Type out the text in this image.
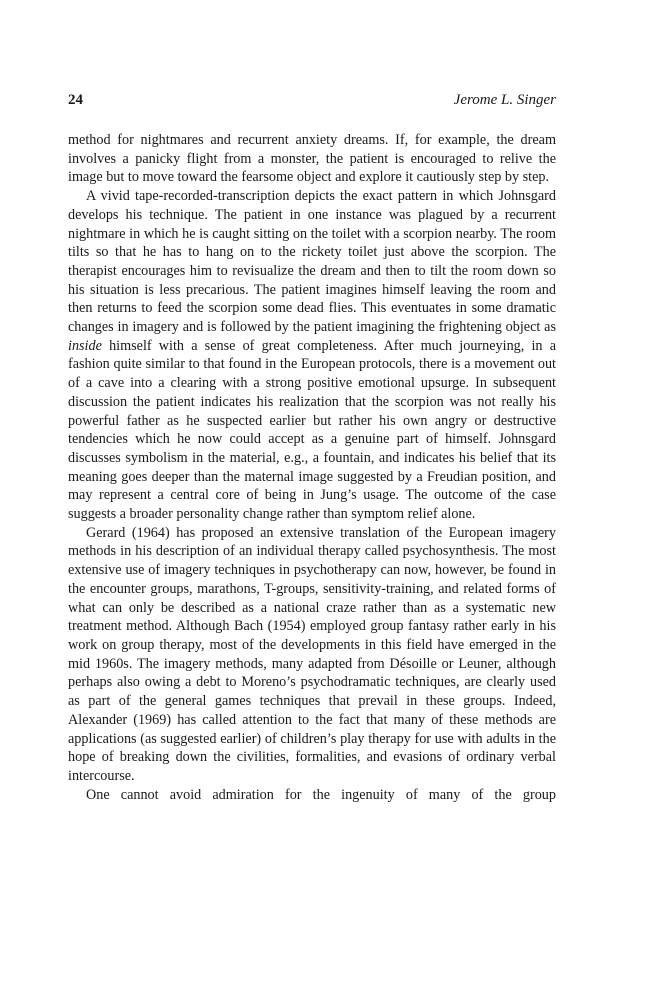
24	Jerome L. Singer

method for nightmares and recurrent anxiety dreams. If, for example, the dream involves a panicky flight from a monster, the patient is encouraged to relive the image but to move toward the fearsome object and explore it cautiously step by step.

A vivid tape-recorded-transcription depicts the exact pattern in which Johnsgard develops his technique. The patient in one instance was plagued by a recurrent nightmare in which he is caught sitting on the toilet with a scorpion nearby. The room tilts so that he has to hang on to the rickety toilet just above the scorpion. The therapist encourages him to revisualize the dream and then to tilt the room down so his situation is less precarious. The patient imagines himself leaving the room and then returns to feed the scorpion some dead flies. This eventuates in some dramatic changes in imagery and is followed by the patient imagining the frightening object as inside himself with a sense of great completeness. After much journeying, in a fashion quite similar to that found in the European protocols, there is a movement out of a cave into a clearing with a strong positive emotional upsurge. In subsequent discussion the patient indicates his realization that the scorpion was not really his powerful father as he suspected earlier but rather his own angry or destructive tendencies which he now could accept as a genuine part of himself. Johnsgard discusses symbolism in the material, e.g., a fountain, and indicates his belief that its meaning goes deeper than the maternal image suggested by a Freudian position, and may represent a central core of being in Jung’s usage. The outcome of the case suggests a broader personality change rather than symptom relief alone.

Gerard (1964) has proposed an extensive translation of the European imagery methods in his description of an individual therapy called psychosynthesis. The most extensive use of imagery techniques in psychotherapy can now, however, be found in the encounter groups, marathons, T-groups, sensitivity-training, and related forms of what can only be described as a national craze rather than as a systematic new treatment method. Although Bach (1954) employed group fantasy rather early in his work on group therapy, most of the developments in this field have emerged in the mid 1960s. The imagery methods, many adapted from Désoille or Leuner, although perhaps also owing a debt to Moreno’s psychodramatic techniques, are clearly used as part of the general games techniques that prevail in these groups. Indeed, Alexander (1969) has called attention to the fact that many of these methods are applications (as suggested earlier) of children’s play therapy for use with adults in the hope of breaking down the civilities, formalities, and evasions of ordinary verbal intercourse.

One cannot avoid admiration for the ingenuity of many of the group
